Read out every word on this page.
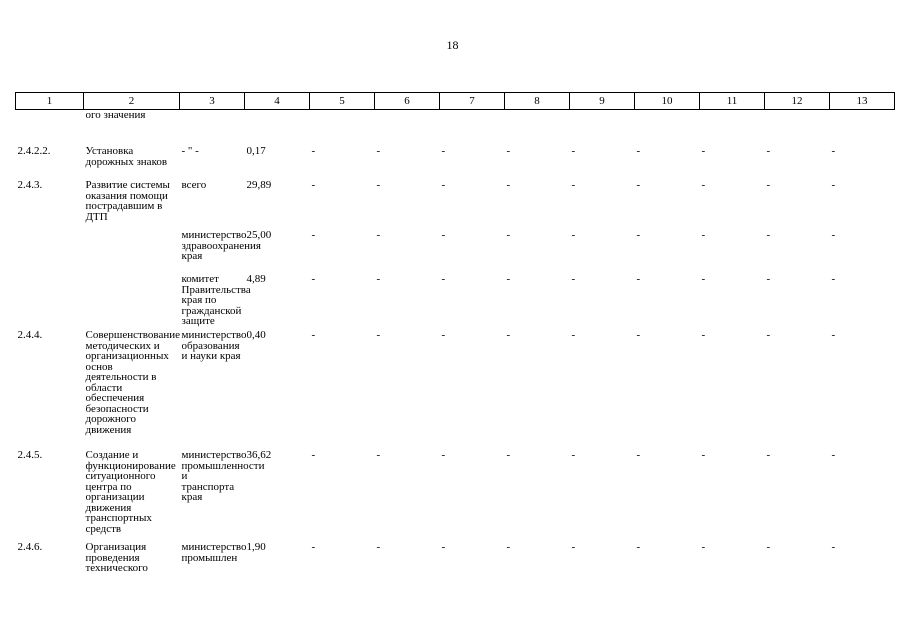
18
1	2	3	4	5	6	7	8	9	10	11	12	13
	ого значения											
2.4.2.2.	Установка дорожных знаков	- " -	0,17	-	-	-	-	-	-	-	-	-
2.4.3.	Развитие системы оказания помощи пострадавшим в ДТП	всего	29,89	-	-	-	-	-	-	-	-	-
		министерство здравоохранения края	25,00	-	-	-	-	-	-	-	-	-
		комитет Правительства края по гражданской защите	4,89	-	-	-	-	-	-	-	-	-
2.4.4.	Совершенствование методических и организационных основ деятельности в области обеспечения безопасности дорожного движения	министерство образования и науки края	0,40	-	-	-	-	-	-	-	-	-
2.4.5.	Создание и функционирование ситуационного центра по организации движения транспортных средств	министерство промышленности и транспорта края	36,62	-	-	-	-	-	-	-	-	-
2.4.6.	Организация проведения технического	министерство промышлен	1,90	-	-	-	-	-	-	-	-	-
